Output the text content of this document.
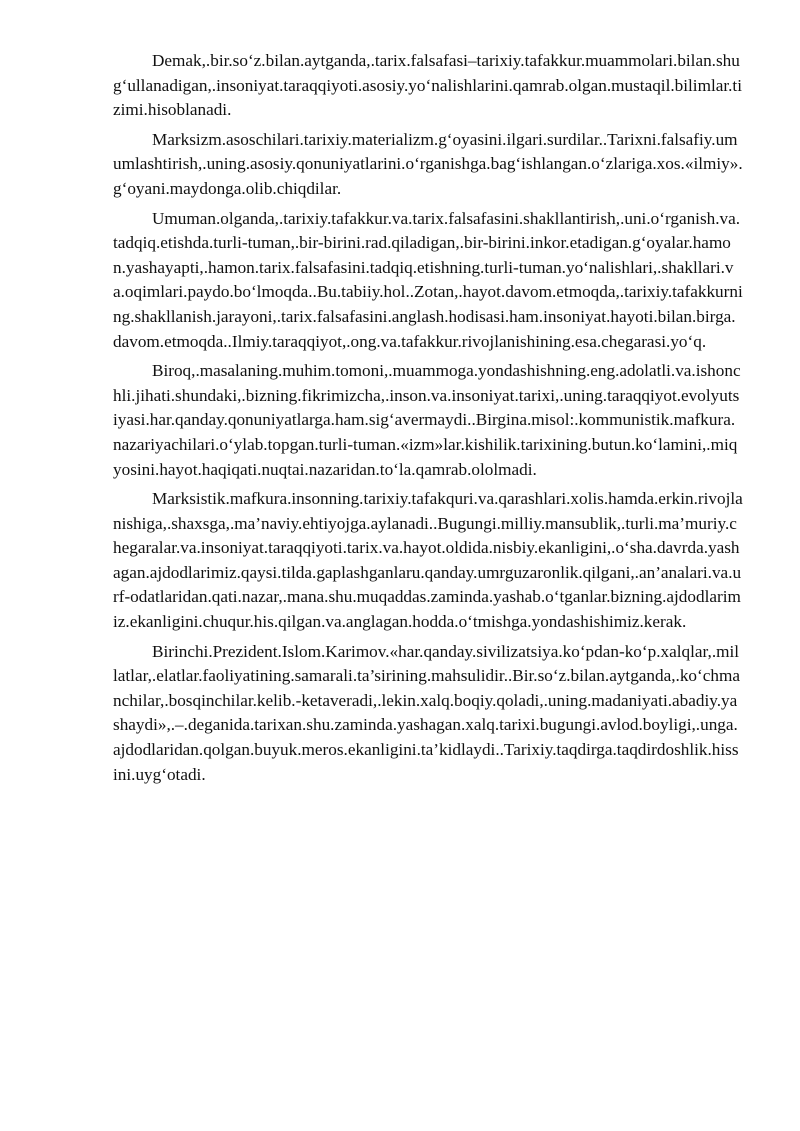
Demak,.bir.so‘z.bilan.aytganda,.tarix.falsafasi–tarixiy.tafakkur.muammolari.bilan.shug‘ullanadigan,.insoniyat.taraqqiyoti.asosiy.yo‘nalishlarini.qamrab.olgan.mustaqil.bilimlar.tizimi.hisoblanadi.

Marksizm.asoschilari.tarixiy.materializm.g‘oyasini.ilgari.surdilar..Tarixni.falsafiy.umumlashtirish,.uning.asosiy.qonuniyatlarini.o‘rganishga.bag‘ishlangan.o‘zlariga.xos.«ilmiy».g‘oyani.maydonga.olib.chiqdilar.

Umuman.olganda,.tarixiy.tafakkur.va.tarix.falsafasini.shakllantirish,.uni.o‘rganish.va.tadqiq.etishda.turli-tuman,.bir-birini.rad.qiladigan,.bir-birini.inkor.etadigan.g‘oyalar.hamon.yashayapti,.hamon.tarix.falsafasini.tadqiq.etishning.turli-tuman.yo‘nalishlari,.shakllari.va.oqimlari.paydo.bo‘lmoqda..Bu.tabiiy.hol..Zotan,.hayot.davom.etmoqda,.tarixiy.tafakkurning.shakllanish.jarayoni,.tarix.falsafasini.anglash.hodisasi.ham.insoniyat.hayoti.bilan.birga.davom.etmoqda..Ilmiy.taraqqiyot,.ong.va.tafakkur.rivojlanishining.esa.chegarasi.yo‘q.

Biroq,.masalaning.muhim.tomoni,.muammoga.yondashishning.eng.adolatli.va.ishonchli.jihati.shundaki,.bizning.fikrimizcha,.inson.va.insoniyat.tarixi,.uning.taraqqiyot.evolyutsiyasi.har.qanday.qonuniyatlarga.ham.sig‘avermaydi..Birgina.misol:.kommunistik.mafkura.nazariyachilari.o‘ylab.topgan.turli-tuman.«izm»lar.kishilik.tarixining.butun.ko‘lamini,.miqyosini.hayot.haqiqati.nuqtai.nazaridan.to‘la.qamrab.ololmadi.

Marksistik.mafkura.insonning.tarixiy.tafakquri.va.qarashlari.xolis.hamda.erkin.rivojlanishiga,.shaxsga,.ma’naviy.ehtiyojga.aylanadi..Bugungi.milliy.mansublik,.turli.ma’muriy.chegaralar.va.insoniyat.taraqqiyoti.tarix.va.hayot.oldida.nisbiy.ekanligini,.o‘sha.davrda.yashagan.ajdodlarimiz.qaysi.tilda.gaplashganlaru.qanday.umrguzaronlik.qilgani,.an’analari.va.urf-odatlaridan.qati.nazar,.mana.shu.muqaddas.zaminda.yashab.o‘tganlar.bizning.ajdodlarimiz.ekanligini.chuqur.his.qilgan.va.anglagan.hodda.o‘tmishga.yondashishimiz.kerak.

Birinchi.Prezident.Islom.Karimov.«har.qanday.sivilizatsiya.ko‘pdan-ko‘p.xalqlar,.millatlar,.elatlar.faoliyatining.samarali.ta’sirining.mahsulidir..Bir.so‘z.bilan.aytganda,.ko‘chmanchilar,.bosqinchilar.kelib.-ketaveradi,.lekin.xalq.boqiy.qoladi,.uning.madaniyati.abadiy.yashaydi»,.–.deganida.tarixan.shu.zaminda.yashagan.xalq.tarixi.bugungi.avlod.boyligi,.unga.ajdodlaridan.qolgan.buyuk.meros.ekanligini.ta’kidlaydi..Tarixiy.taqdirga.taqdirdoshlik.hissini.uyg‘otadi.
